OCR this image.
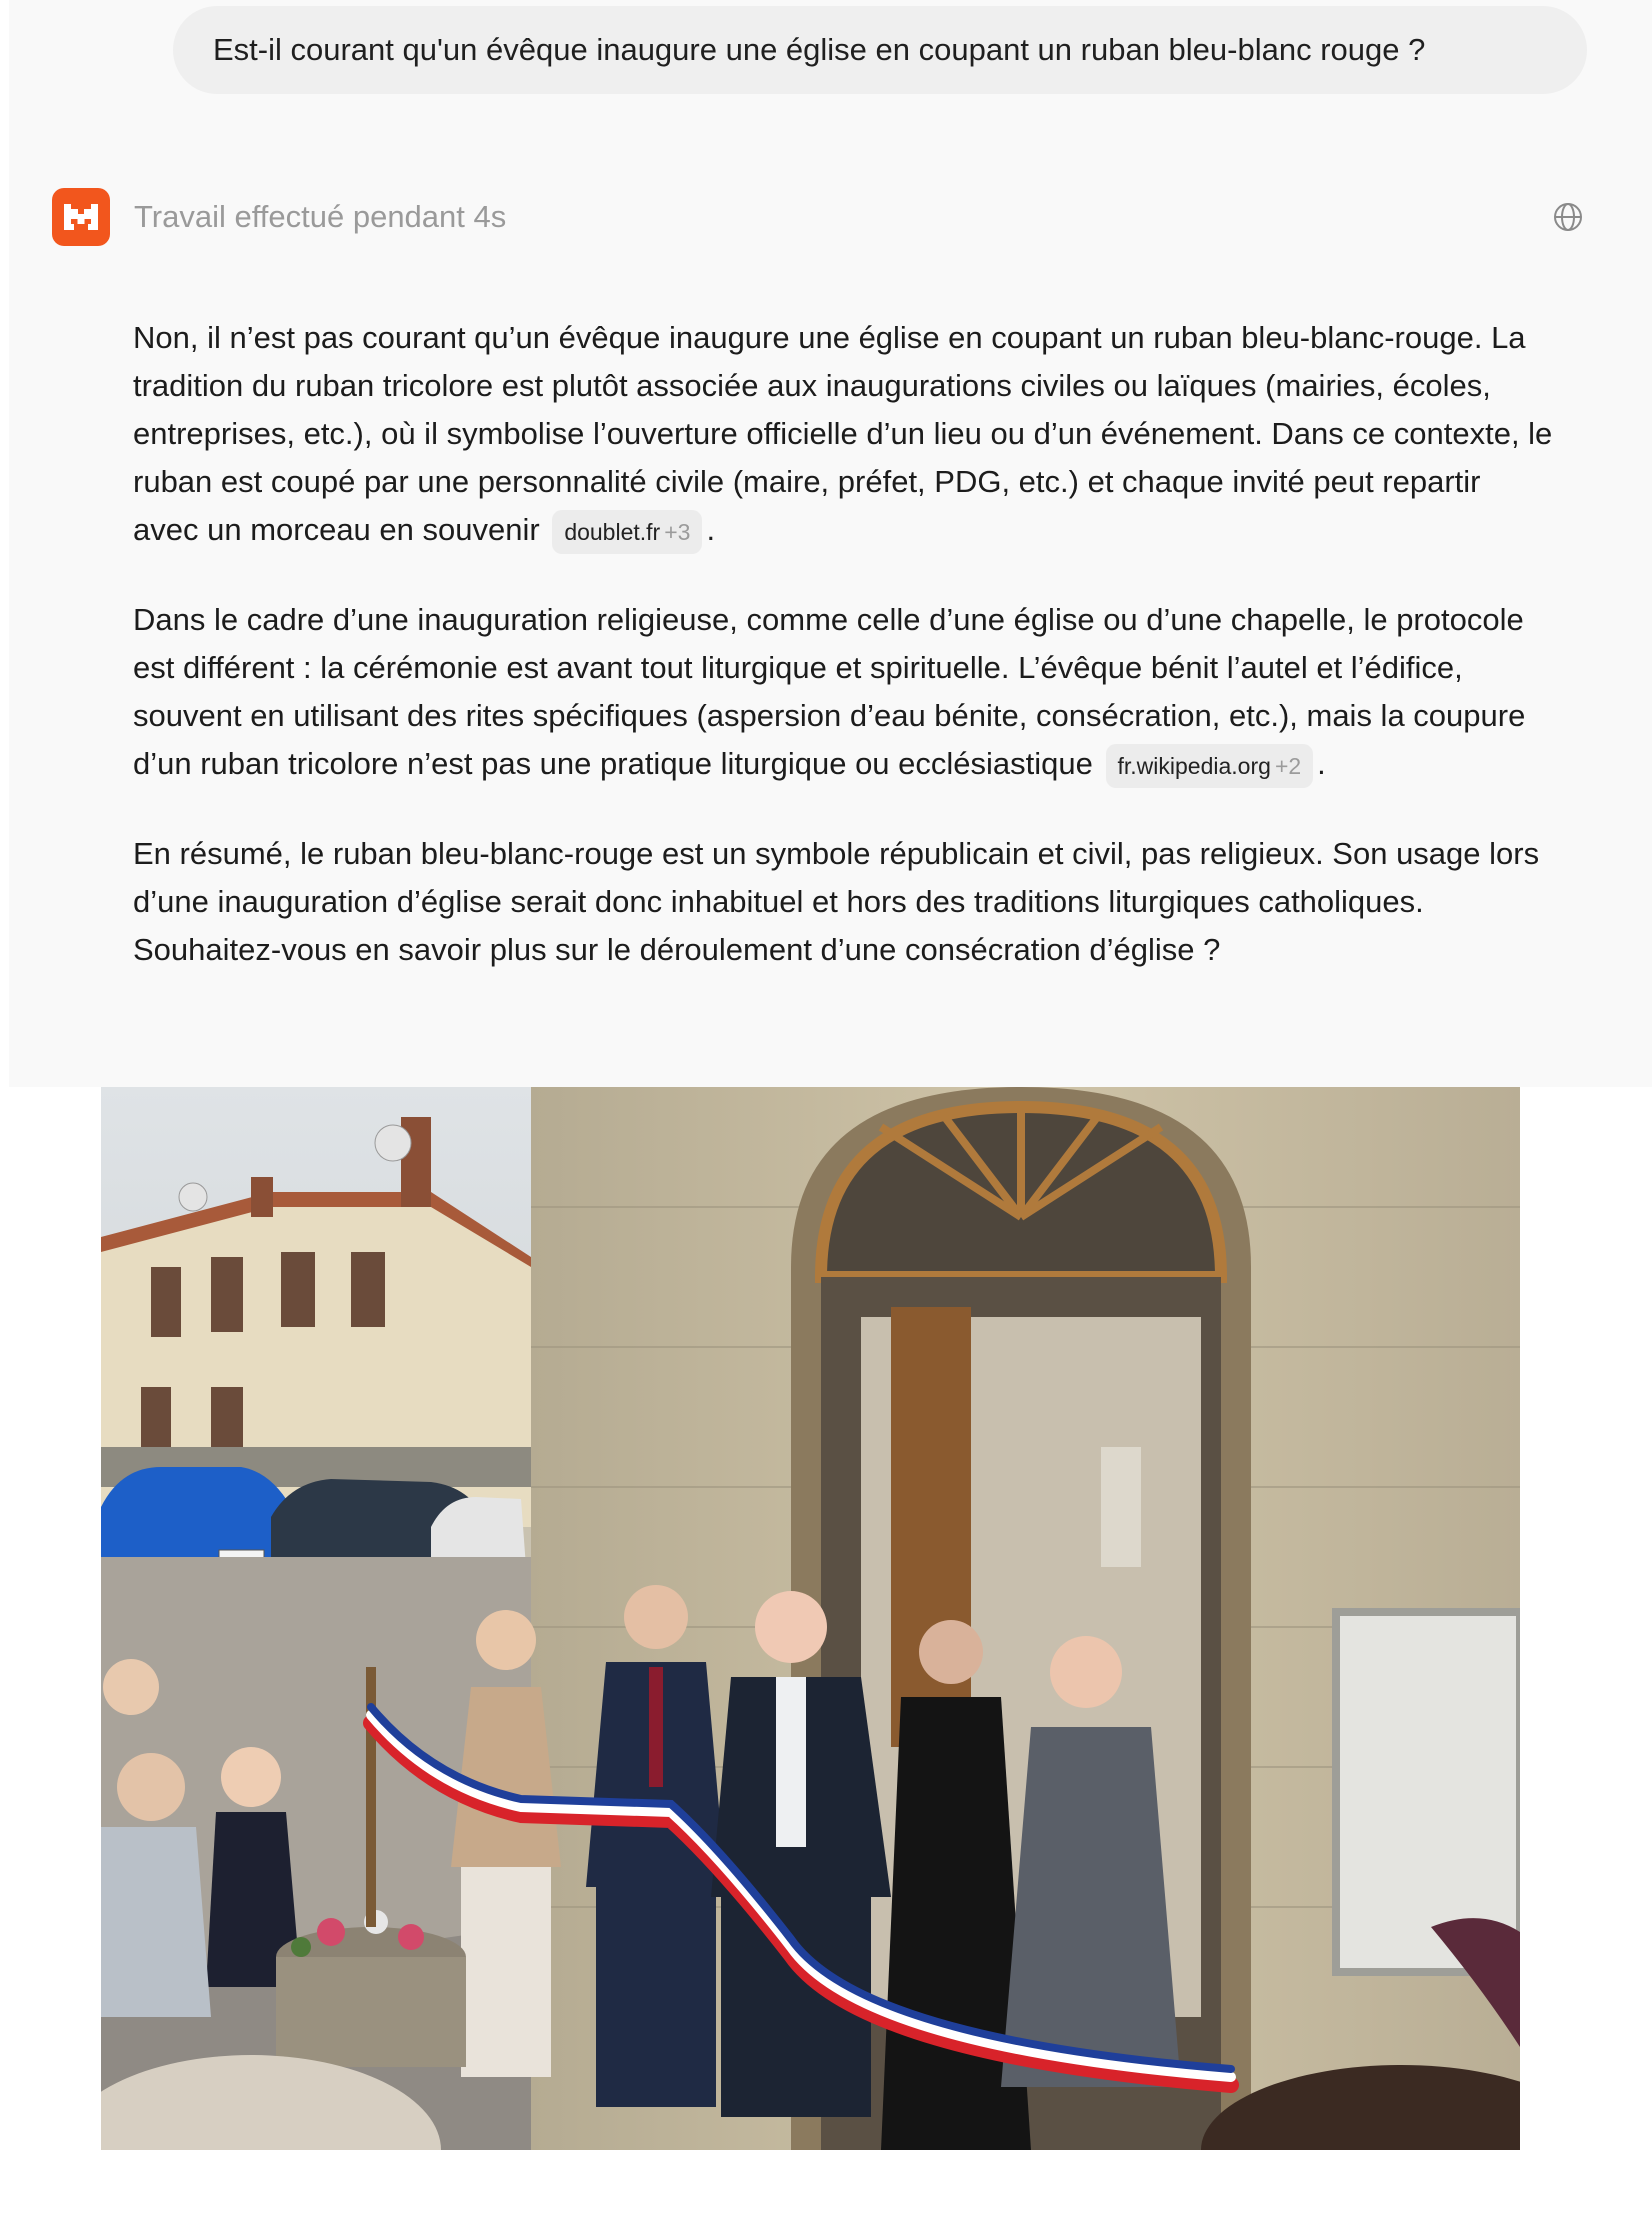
Est-il courant qu'un évêque inaugure une église en coupant un ruban bleu-blanc rouge ?
Travail effectué pendant 4s

Non, il n’est pas courant qu’un évêque inaugure une église en coupant un ruban bleu-blanc-rouge. La tradition du ruban tricolore est plutôt associée aux inaugurations civiles ou laïques (mairies, écoles, entreprises, etc.), où il symbolise l’ouverture officielle d’un lieu ou d’un événement. Dans ce contexte, le ruban est coupé par une personnalité civile (maire, préfet, PDG, etc.) et chaque invité peut repartir avec un morceau en souvenir doublet.fr +3 .

Dans le cadre d’une inauguration religieuse, comme celle d’une église ou d’une chapelle, le protocole est différent : la cérémonie est avant tout liturgique et spirituelle. L’évêque bénit l’autel et l’édifice, souvent en utilisant des rites spécifiques (aspersion d’eau bénite, consécration, etc.), mais la coupure d’un ruban tricolore n’est pas une pratique liturgique ou ecclésiastique fr.wikipedia.org +2 .

En résumé, le ruban bleu-blanc-rouge est un symbole républicain et civil, pas religieux. Son usage lors d’une inauguration d’église serait donc inhabituel et hors des traditions liturgiques catholiques. Souhaitez-vous en savoir plus sur le déroulement d’une consécration d’église ?
